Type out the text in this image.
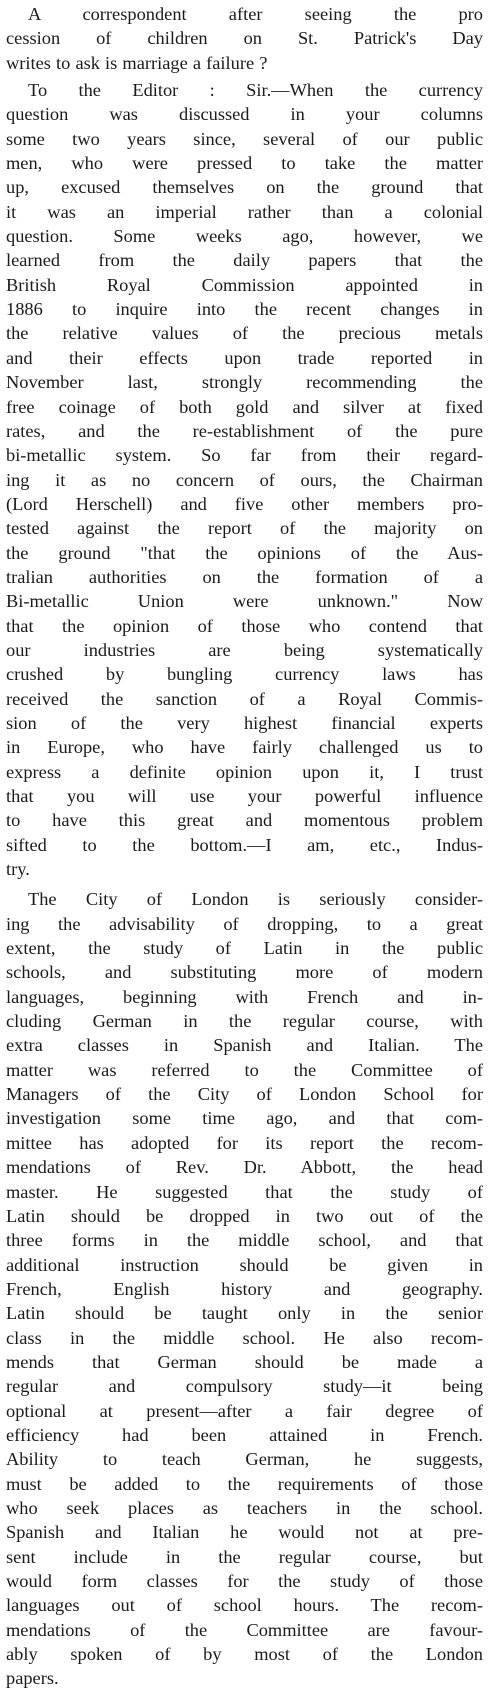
A correspondent after seeing the pro
cession of children on St. Patrick's Day
writes to ask is marriage a failure ?
To the Editor : Sir.—When the currency
question was discussed in your columns
some two years since, several of our public
men, who were pressed to take the matter
up, excused themselves on the ground that
it was an imperial rather than a colonial
question. Some weeks ago, however, we
learned from the daily papers that the
British Royal Commission appointed in
1886 to inquire into the recent changes in
the relative values of the precious metals
and their effects upon trade reported in
November last, strongly recommending the
free coinage of both gold and silver at fixed
rates, and the re-establishment of the pure
bi-metallic system. So far from their regard-
ing it as no concern of ours, the Chairman
(Lord Herschell) and five other members pro-
tested against the report of the majority on
the ground "that the opinions of the Aus-
tralian authorities on the formation of a
Bi-metallic Union were unknown." Now
that the opinion of those who contend that
our industries are being systematically
crushed by bungling currency laws has
received the sanction of a Royal Commis-
sion of the very highest financial experts
in Europe, who have fairly challenged us to
express a definite opinion upon it, I trust
that you will use your powerful influence
to have this great and momentous problem
sifted to the bottom.—I am, etc., Indus-
try.
The City of London is seriously consider-
ing the advisability of dropping, to a great
extent, the study of Latin in the public
schools, and substituting more of modern
languages, beginning with French and in-
cluding German in the regular course, with
extra classes in Spanish and Italian. The
matter was referred to the Committee of
Managers of the City of London School for
investigation some time ago, and that com-
mittee has adopted for its report the recom-
mendations of Rev. Dr. Abbott, the head
master. He suggested that the study of
Latin should be dropped in two out of the
three forms in the middle school, and that
additional instruction should be given in
French, English history and geography.
Latin should be taught only in the senior
class in the middle school. He also recom-
mends that German should be made a
regular and compulsory study—it being
optional at present—after a fair degree of
efficiency had been attained in French.
Ability to teach German, he suggests,
must be added to the requirements of those
who seek places as teachers in the school.
Spanish and Italian he would not at pre-
sent include in the regular course, but
would form classes for the study of those
languages out of school hours. The recom-
mendations of the Committee are favour-
ably spoken of by most of the London
papers.
